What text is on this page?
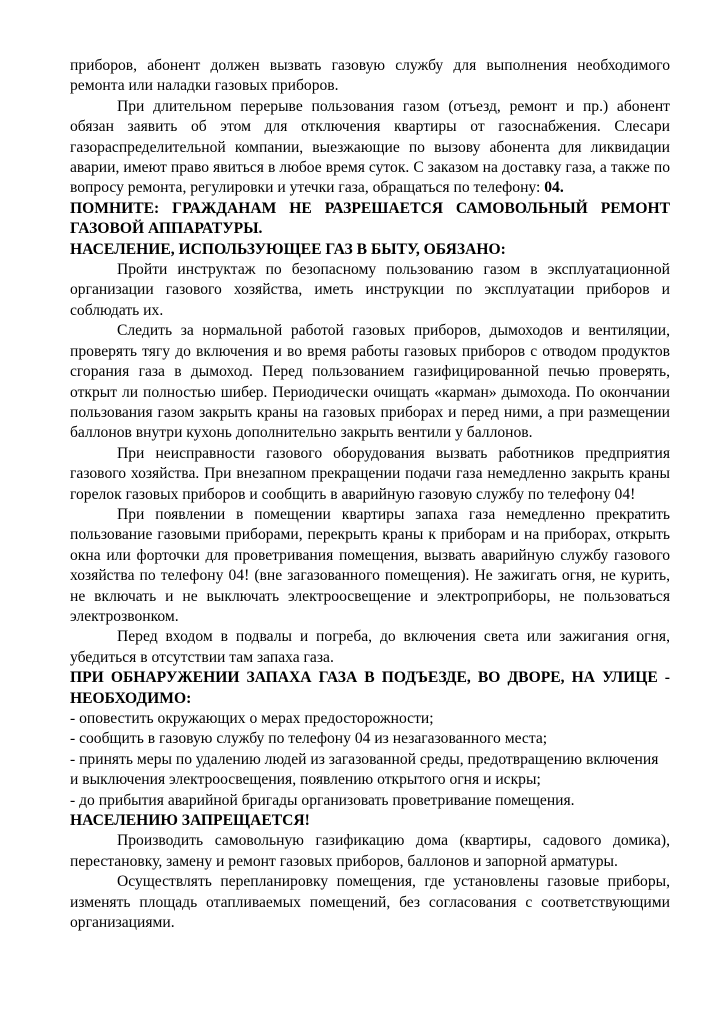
приборов, абонент должен вызвать газовую службу для выполнения необходимого ремонта или наладки газовых приборов.

При длительном перерыве пользования газом (отъезд, ремонт и пр.) абонент обязан заявить об этом для отключения квартиры от газоснабжения. Слесари газораспределительной компании, выезжающие по вызову абонента для ликвидации аварии, имеют право явиться в любое время суток. С заказом на доставку газа, а также по вопросу ремонта, регулировки и утечки газа, обращаться по телефону: 04.

ПОМНИТЕ: ГРАЖДАНАМ НЕ РАЗРЕШАЕТСЯ САМОВОЛЬНЫЙ РЕМОНТ ГАЗОВОЙ АППАРАТУРЫ.

НАСЕЛЕНИЕ, ИСПОЛЬЗУЮЩЕЕ ГАЗ В БЫТУ, ОБЯЗАНО:

Пройти инструктаж по безопасному пользованию газом в эксплуатационной организации газового хозяйства, иметь инструкции по эксплуатации приборов и соблюдать их.

Следить за нормальной работой газовых приборов, дымоходов и вентиляции, проверять тягу до включения и во время работы газовых приборов с отводом продуктов сгорания газа в дымоход. Перед пользованием газифицированной печью проверять, открыт ли полностью шибер. Периодически очищать «карман» дымохода. По окончании пользования газом закрыть краны на газовых приборах и перед ними, а при размещении баллонов внутри кухонь дополнительно закрыть вентили у баллонов.

При неисправности газового оборудования вызвать работников предприятия газового хозяйства. При внезапном прекращении подачи газа немедленно закрыть краны горелок газовых приборов и сообщить в аварийную газовую службу по телефону 04!

При появлении в помещении квартиры запаха газа немедленно прекратить пользование газовыми приборами, перекрыть краны к приборам и на приборах, открыть окна или форточки для проветривания помещения, вызвать аварийную службу газового хозяйства по телефону 04! (вне загазованного помещения). Не зажигать огня, не курить, не включать и не выключать электроосвещение и электроприборы, не пользоваться электрозвонком.

Перед входом в подвалы и погреба, до включения света или зажигания огня, убедиться в отсутствии там запаха газа.

ПРИ ОБНАРУЖЕНИИ ЗАПАХА ГАЗА В ПОДЪЕЗДЕ, ВО ДВОРЕ, НА УЛИЦЕ - НЕОБХОДИМО:

- оповестить окружающих о мерах предосторожности;

- сообщить в газовую службу по телефону 04 из незагазованного места;

- принять меры по удалению людей из загазованной среды, предотвращению включения и выключения электроосвещения, появлению открытого огня и искры;

- до прибытия аварийной бригады организовать проветривание помещения.

НАСЕЛЕНИЮ ЗАПРЕЩАЕТСЯ!

Производить самовольную газификацию дома (квартиры, садового домика), перестановку, замену и ремонт газовых приборов, баллонов и запорной арматуры.

Осуществлять перепланировку помещения, где установлены газовые приборы, изменять площадь отапливаемых помещений, без согласования с соответствующими организациями.
